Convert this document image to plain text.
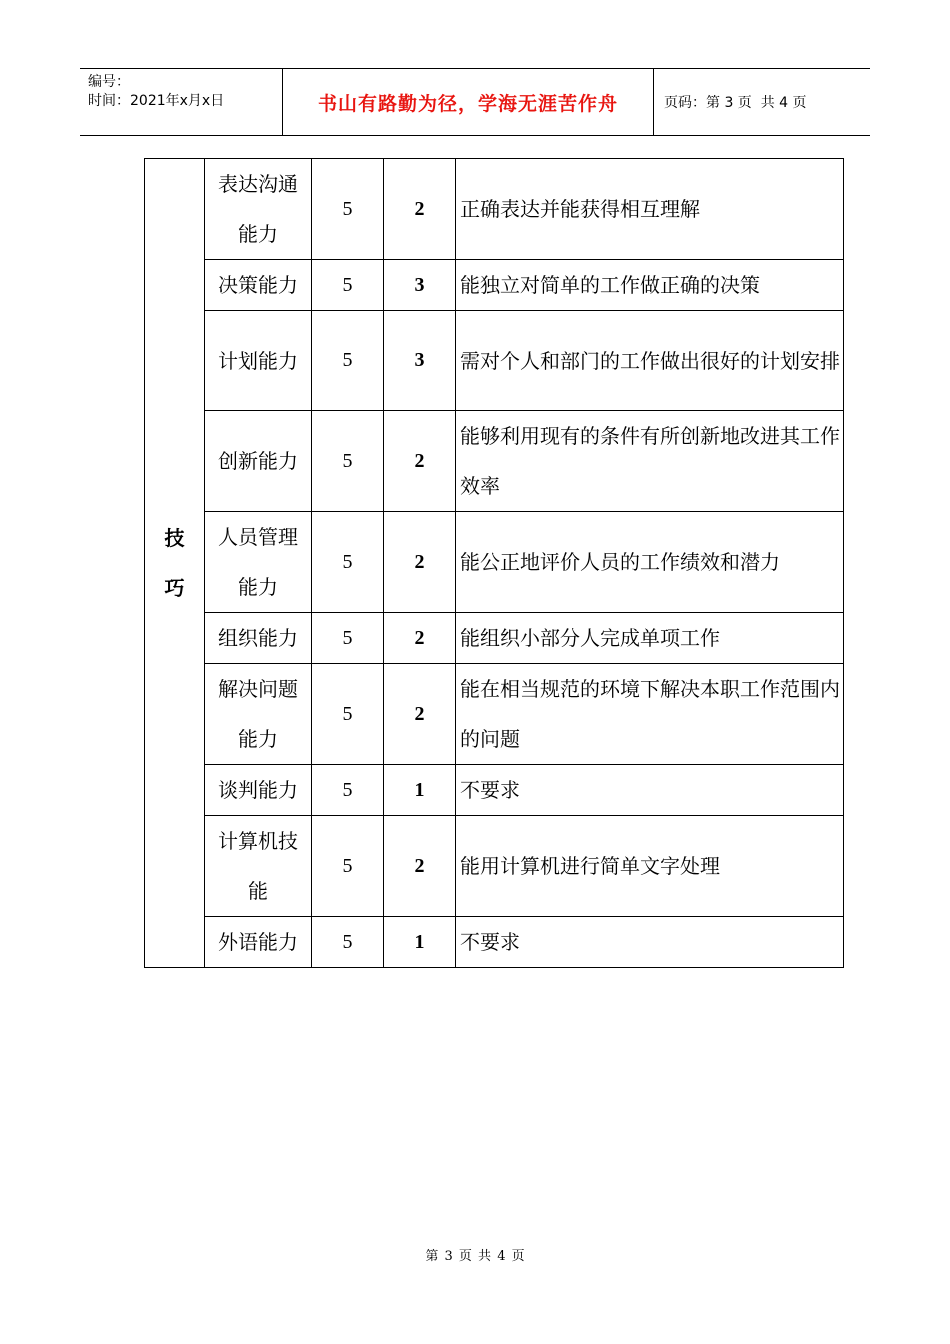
编号：
时间：2021年x月x日	书山有路勤为径，学海无涯苦作舟	页码：第 3 页  共 4 页
技
巧	表达沟通能力	5	2	正确表达并能获得相互理解
	决策能力	5	3	能独立对简单的工作做正确的决策
	计划能力	5	3	需对个人和部门的工作做出很好的计划安排
	创新能力	5	2	能够利用现有的条件有所创新地改进其工作效率
	人员管理能力	5	2	能公正地评价人员的工作绩效和潜力
	组织能力	5	2	能组织小部分人完成单项工作
	解决问题能力	5	2	能在相当规范的环境下解决本职工作范围内的问题
	谈判能力	5	1	不要求
	计算机技能	5	2	能用计算机进行简单文字处理
	外语能力	5	1	不要求
第 3 页 共 4 页
